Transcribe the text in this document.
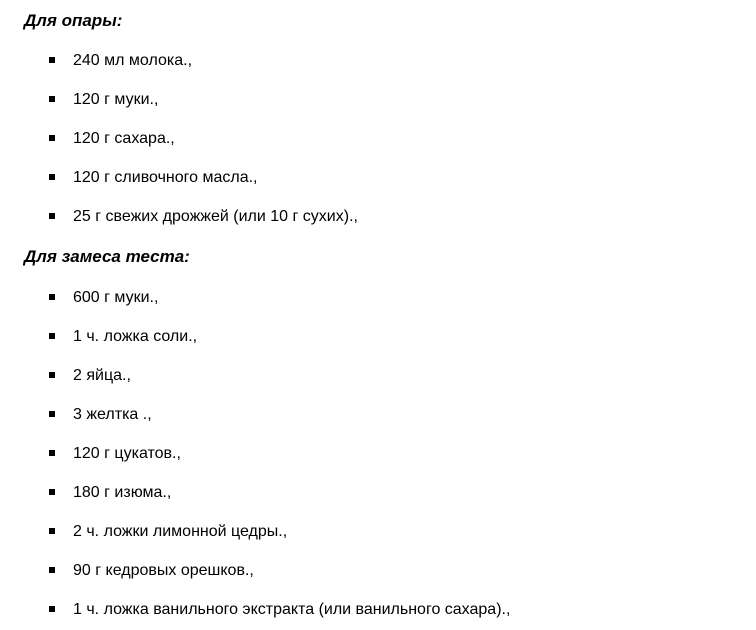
Для опары:
240 мл молока.,
120 г муки.,
120 г сахара.,
120 г сливочного масла.,
25 г свежих дрожжей (или 10 г сухих).,
Для замеса теста:
600 г муки.,
1 ч. ложка соли.,
2 яйца.,
3 желтка .,
120 г цукатов.,
180 г изюма.,
2 ч. ложки лимонной цедры.,
90 г кедровых орешков.,
1 ч. ложка ванильного экстракта (или ванильного сахара).,
